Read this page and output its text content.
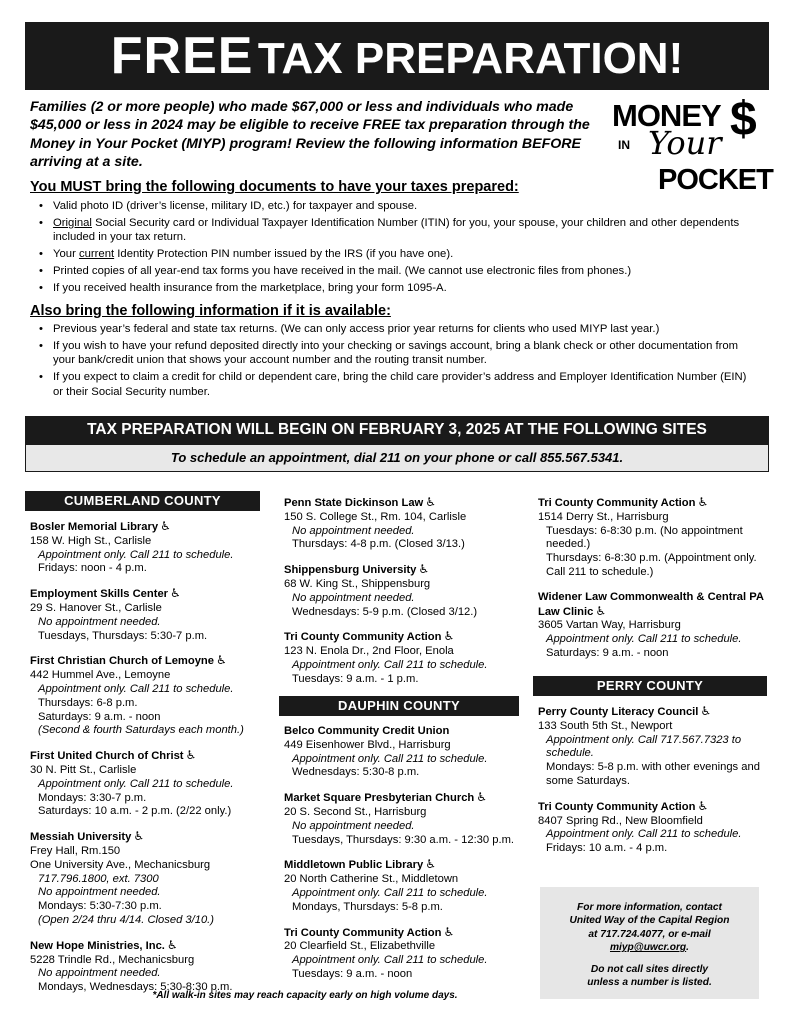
FREE TAX PREPARATION!
Families (2 or more people) who made $67,000 or less and individuals who made $45,000 or less in 2024 may be eligible to receive FREE tax preparation through the Money in Your Pocket (MIYP) program! Review the following information BEFORE arriving at a site.
MONEY $
IN Your
POCKET
You MUST bring the following documents to have your taxes prepared:
• Valid photo ID (driver’s license, military ID, etc.) for taxpayer and spouse.
• Original Social Security card or Individual Taxpayer Identification Number (ITIN) for you, your spouse, your children and other dependents included in your tax return.
• Your current Identity Protection PIN number issued by the IRS (if you have one).
• Printed copies of all year-end tax forms you have received in the mail. (We cannot use electronic files from phones.)
• If you received health insurance from the marketplace, bring your form 1095-A.
Also bring the following information if it is available:
• Previous year’s federal and state tax returns. (We can only access prior year returns for clients who used MIYP last year.)
• If you wish to have your refund deposited directly into your checking or savings account, bring a blank check or other documentation from your bank/credit union that shows your account number and the routing transit number.
• If you expect to claim a credit for child or dependent care, bring the child care provider’s address and Employer Identification Number (EIN) or their Social Security number.
TAX PREPARATION WILL BEGIN ON FEBRUARY 3, 2025 AT THE FOLLOWING SITES
To schedule an appointment, dial 211 on your phone or call 855.567.5341.
CUMBERLAND COUNTY
Bosler Memorial Library ♿
158 W. High St., Carlisle
Appointment only. Call 211 to schedule.
Fridays: noon - 4 p.m.
Employment Skills Center ♿
29 S. Hanover St., Carlisle
No appointment needed.
Tuesdays, Thursdays: 5:30-7 p.m.
First Christian Church of Lemoyne ♿
442 Hummel Ave., Lemoyne
Appointment only. Call 211 to schedule.
Thursdays: 6-8 p.m.
Saturdays: 9 a.m. - noon
(Second & fourth Saturdays each month.)
First United Church of Christ ♿
30 N. Pitt St., Carlisle
Appointment only. Call 211 to schedule.
Mondays: 3:30-7 p.m.
Saturdays: 10 a.m. - 2 p.m. (2/22 only.)
Messiah University ♿
Frey Hall, Rm.150
One University Ave., Mechanicsburg
717.796.1800, ext. 7300
No appointment needed.
Mondays: 5:30-7:30 p.m.
(Open 2/24 thru 4/14. Closed 3/10.)
New Hope Ministries, Inc. ♿
5228 Trindle Rd., Mechanicsburg
No appointment needed.
Mondays, Wednesdays: 5:30-8:30 p.m.
Penn State Dickinson Law ♿
150 S. College St., Rm. 104, Carlisle
No appointment needed.
Thursdays: 4-8 p.m. (Closed 3/13.)
Shippensburg University ♿
68 W. King St., Shippensburg
No appointment needed.
Wednesdays: 5-9 p.m. (Closed 3/12.)
Tri County Community Action ♿
123 N. Enola Dr., 2nd Floor, Enola
Appointment only. Call 211 to schedule.
Tuesdays: 9 a.m. - 1 p.m.
DAUPHIN COUNTY
Belco Community Credit Union
449 Eisenhower Blvd., Harrisburg
Appointment only. Call 211 to schedule.
Wednesdays: 5:30-8 p.m.
Market Square Presbyterian Church ♿
20 S. Second St., Harrisburg
No appointment needed.
Tuesdays, Thursdays: 9:30 a.m. - 12:30 p.m.
Middletown Public Library ♿
20 North Catherine St., Middletown
Appointment only. Call 211 to schedule.
Mondays, Thursdays: 5-8 p.m.
Tri County Community Action ♿
20 Clearfield St., Elizabethville
Appointment only. Call 211 to schedule.
Tuesdays: 9 a.m. - noon
Tri County Community Action ♿
1514 Derry St., Harrisburg
Tuesdays: 6-8:30 p.m. (No appointment needed.)
Thursdays: 6-8:30 p.m. (Appointment only. Call 211 to schedule.)
Widener Law Commonwealth & Central PA Law Clinic ♿
3605 Vartan Way, Harrisburg
Appointment only. Call 211 to schedule.
Saturdays: 9 a.m. - noon
PERRY COUNTY
Perry County Literacy Council ♿
133 South 5th St., Newport
Appointment only. Call 717.567.7323 to schedule.
Mondays: 5-8 p.m. with other evenings and some Saturdays.
Tri County Community Action ♿
8407 Spring Rd., New Bloomfield
Appointment only. Call 211 to schedule.
Fridays: 10 a.m. - 4 p.m.
For more information, contact
United Way of the Capital Region
at 717.724.4077, or e-mail
miyp@uwcr.org.
Do not call sites directly
unless a number is listed.
*All walk-in sites may reach capacity early on high volume days.
